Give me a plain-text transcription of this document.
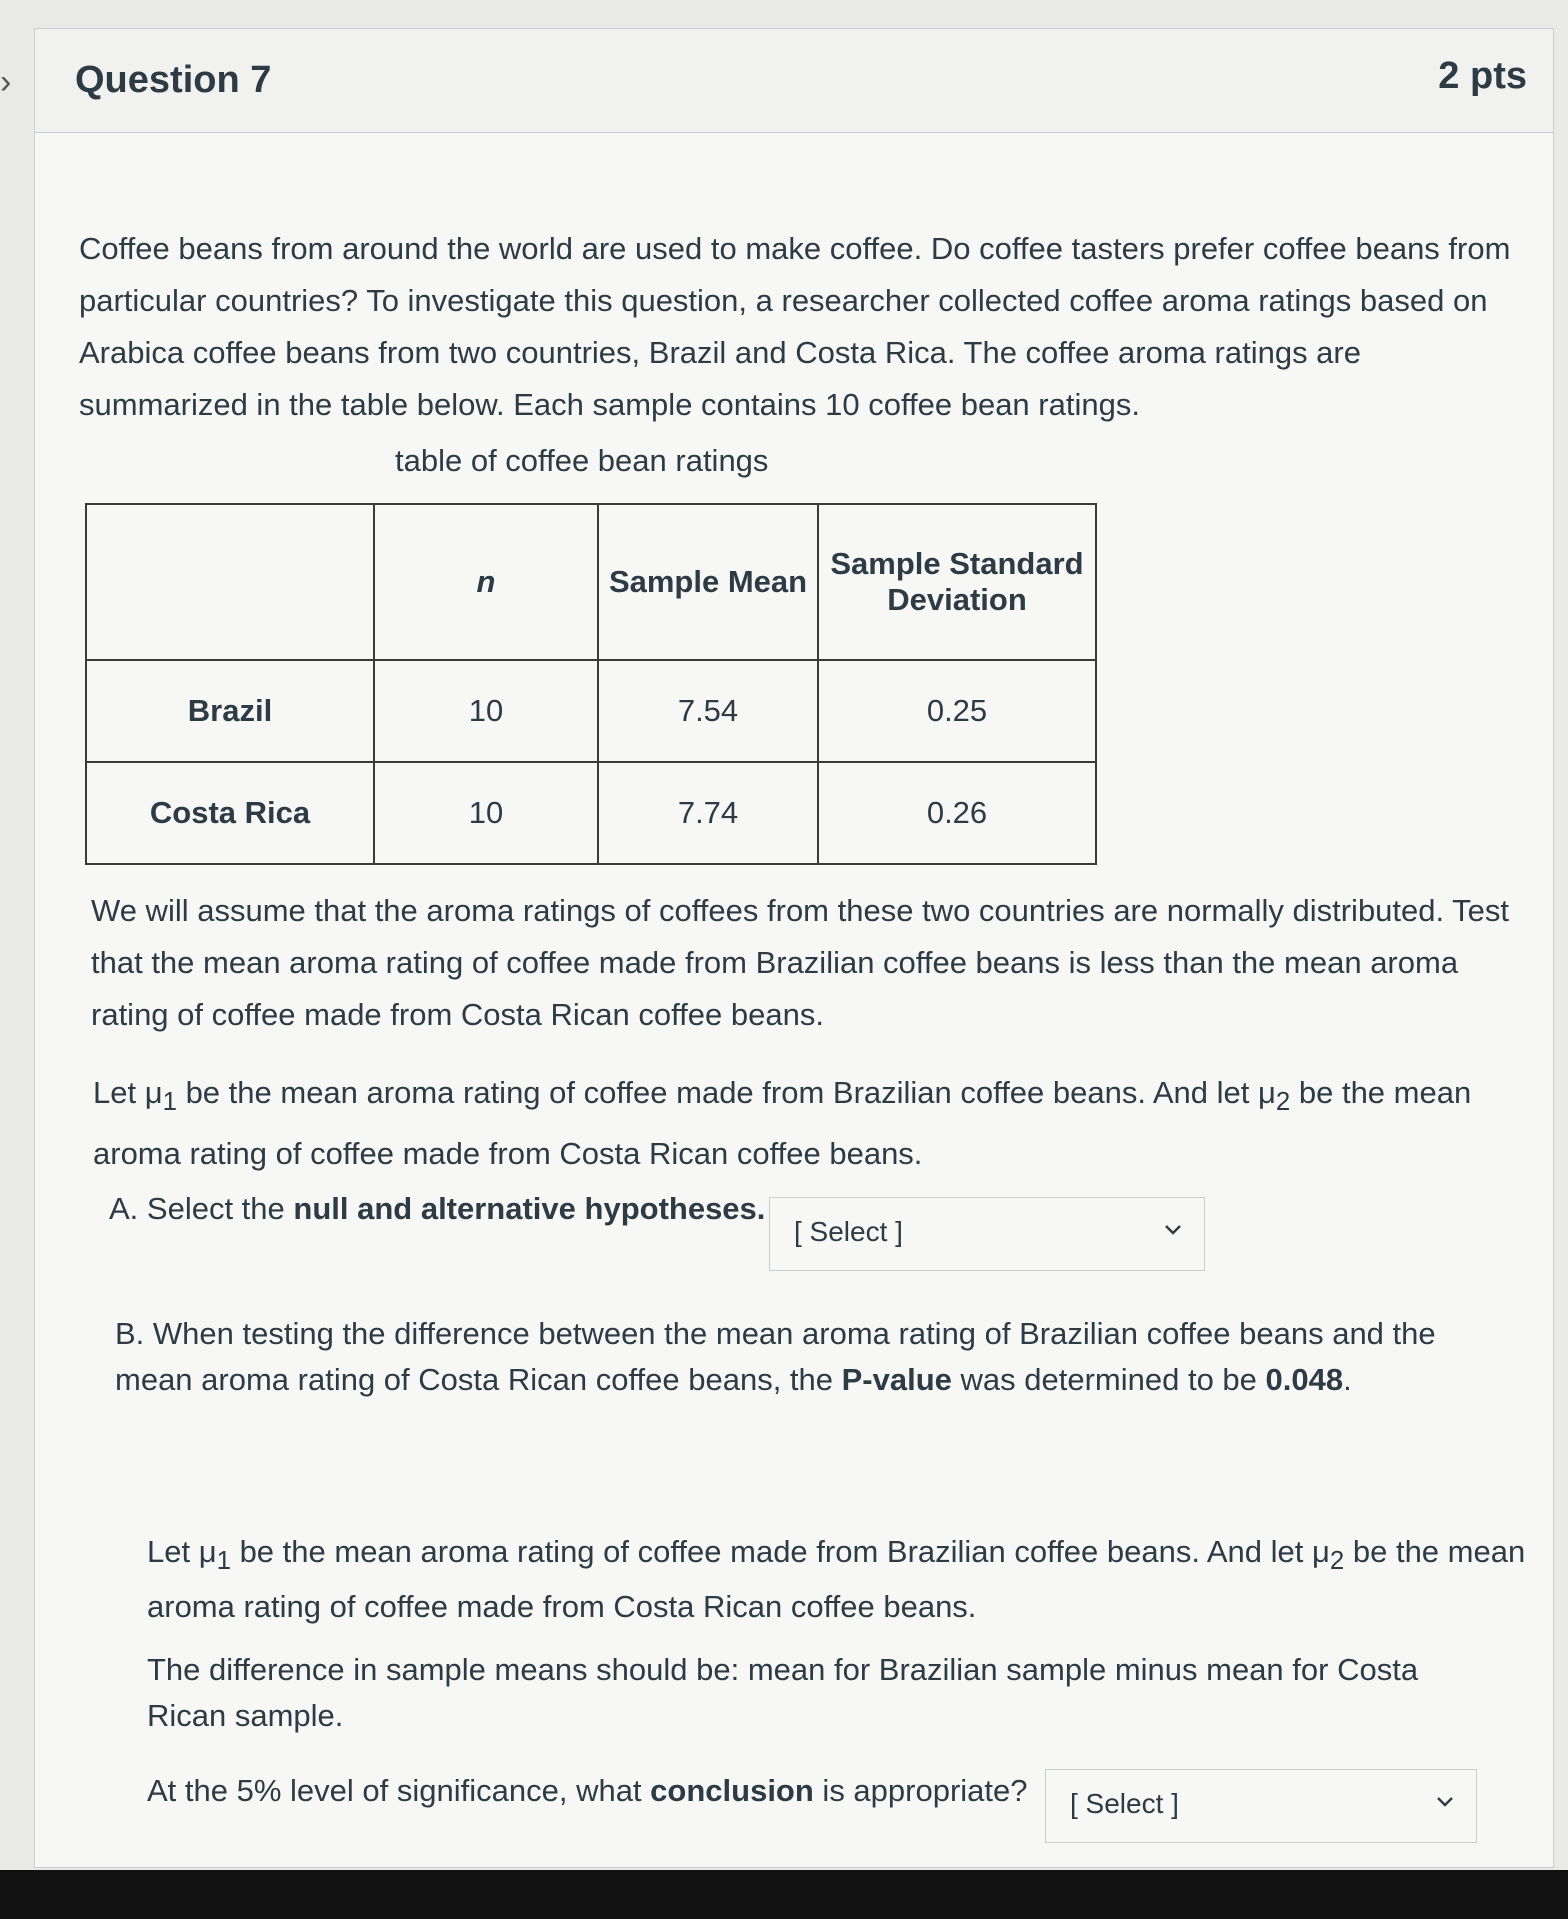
› Question 7	2 pts
Coffee beans from around the world are used to make coffee. Do coffee tasters prefer coffee beans from particular countries? To investigate this question, a researcher collected coffee aroma ratings based on Arabica coffee beans from two countries, Brazil and Costa Rica. The coffee aroma ratings are summarized in the table below. Each sample contains 10 coffee bean ratings.
table of coffee bean ratings
	n	Sample Mean	Sample Standard Deviation
Brazil	10	7.54	0.25
Costa Rica	10	7.74	0.26
We will assume that the aroma ratings of coffees from these two countries are normally distributed. Test that the mean aroma rating of coffee made from Brazilian coffee beans is less than the mean aroma rating of coffee made from Costa Rican coffee beans.
Let $\mu_1$ be the mean aroma rating of coffee made from Brazilian coffee beans. And let $\mu_2$ be the mean aroma rating of coffee made from Costa Rican coffee beans.
A. Select the null and alternative hypotheses.
[ Select ]
B. When testing the difference between the mean aroma rating of Brazilian coffee beans and the mean aroma rating of Costa Rican coffee beans, the P-value was determined to be 0.048.
Let $\mu_1$ be the mean aroma rating of coffee made from Brazilian coffee beans. And let $\mu_2$ be the mean aroma rating of coffee made from Costa Rican coffee beans.
The difference in sample means should be: mean for Brazilian sample minus mean for Costa Rican sample.
At the 5% level of significance, what conclusion is appropriate? [ Select ]
